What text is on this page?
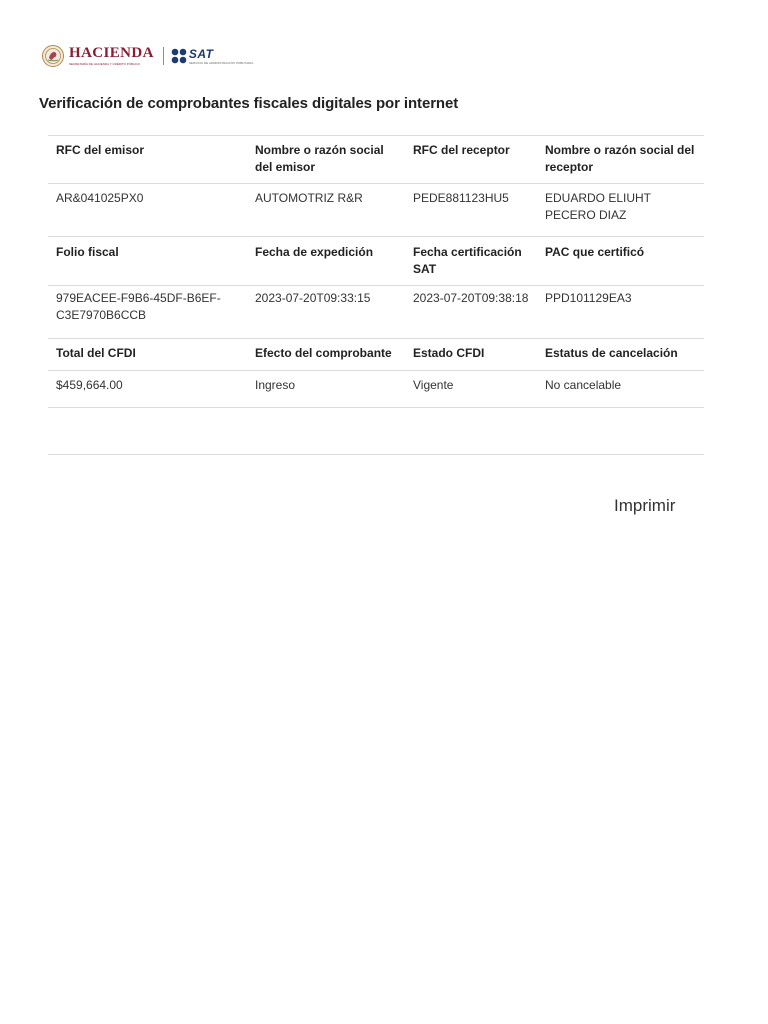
HACIENDA
SECRETARÍA DE HACIENDA Y CRÉDITO PÚBLICO
SAT
SERVICIO DE ADMINISTRACIÓN TRIBUTARIA
Verificación de comprobantes fiscales digitales por internet
RFC del emisor	Nombre o razón social del emisor	RFC del receptor	Nombre o razón social del receptor
AR&041025PX0	AUTOMOTRIZ R&R	PEDE881123HU5	EDUARDO ELIUHT PECERO DIAZ
Folio fiscal	Fecha de expedición	Fecha certificación SAT	PAC que certificó
979EACEE-F9B6-45DF-B6EF-C3E7970B6CCB	2023-07-20T09:33:15	2023-07-20T09:38:18	PPD101129EA3
Total del CFDI	Efecto del comprobante	Estado CFDI	Estatus de cancelación
$459,664.00	Ingreso	Vigente	No cancelable
Imprimir
